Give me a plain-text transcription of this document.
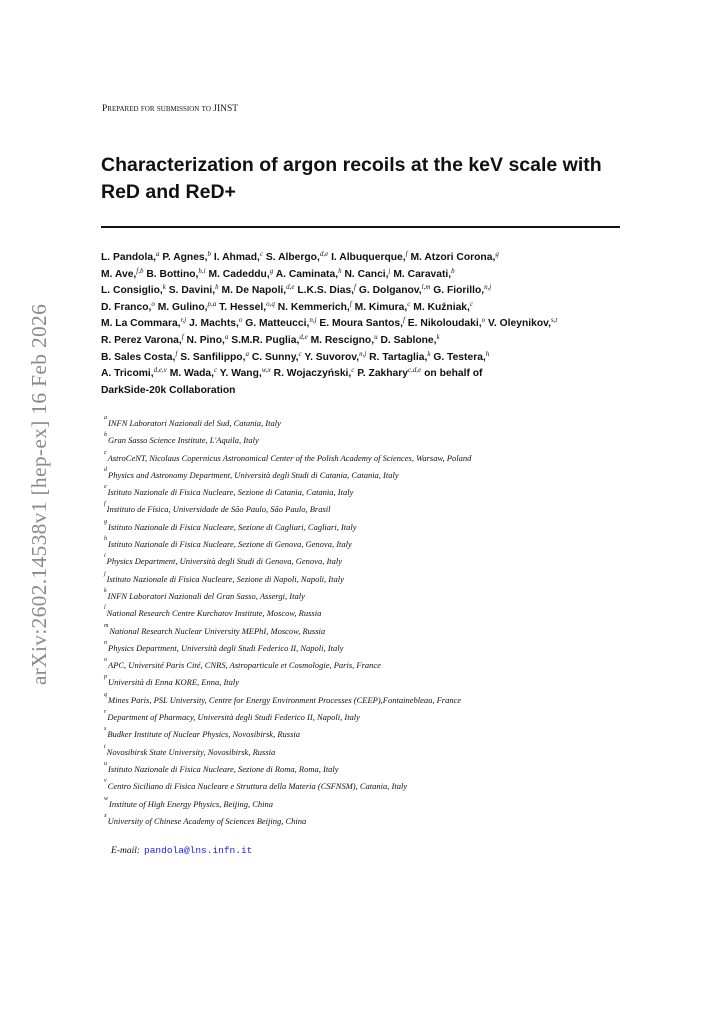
arXiv:2602.14538v1 [hep-ex] 16 Feb 2026
Prepared for submission to JINST
Characterization of argon recoils at the keV scale with
ReD and ReD+
L. Pandola,$^a$ P. Agnes,$^b$ I. Ahmad,$^c$ S. Albergo,$^{d,e}$ I. Albuquerque,$^f$ M. Atzori Corona,$^g$
M. Ave,$^{f,b}$ B. Bottino,$^{h,i}$ M. Cadeddu,$^g$ A. Caminata,$^h$ N. Canci,$^j$ M. Caravati,$^b$
L. Consiglio,$^k$ S. Davini,$^h$ M. De Napoli,$^{d,e}$ L.K.S. Dias,$^f$ G. Dolganov,$^{l,m}$ G. Fiorillo,$^{n,j}$
D. Franco,$^o$ M. Gulino,$^{p,a}$ T. Hessel,$^{o,q}$ N. Kemmerich,$^f$ M. Kimura,$^c$ M. Kuźniak,$^c$
M. La Commara,$^{r,j}$ J. Machts,$^o$ G. Matteucci,$^{n,j}$ E. Moura Santos,$^f$ E. Nikoloudaki,$^o$ V. Oleynikov,$^{s,t}$
R. Perez Varona,$^f$ N. Pino,$^a$ S.M.R. Puglia,$^{d,e}$ M. Rescigno,$^u$ D. Sablone,$^k$
B. Sales Costa,$^f$ S. Sanfilippo,$^a$ C. Sunny,$^c$ Y. Suvorov,$^{n,j}$ R. Tartaglia,$^k$ G. Testera,$^h$
A. Tricomi,$^{d,e,v}$ M. Wada,$^c$ Y. Wang,$^{w,x}$ R. Wojaczyński,$^c$ P. Zakhary$^{c,d,e}$ on behalf of
DarkSide-20k Collaboration
a INFN Laboratori Nazionali del Sud, Catania, Italy
b Gran Sasso Science Institute, L'Aquila, Italy
c AstroCeNT, Nicolaus Copernicus Astronomical Center of the Polish Academy of Sciences, Warsaw, Poland
d Physics and Astronomy Department, Università degli Studi di Catania, Catania, Italy
e Istituto Nazionale di Fisica Nucleare, Sezione di Catania, Catania, Italy
f Instituto de Física, Universidade de São Paulo, São Paulo, Brasil
g Istituto Nazionale di Fisica Nucleare, Sezione di Cagliari, Cagliari, Italy
h Istituto Nazionale di Fisica Nucleare, Sezione di Genova, Genova, Italy
i Physics Department, Università degli Studi di Genova, Genova, Italy
j Istituto Nazionale di Fisica Nucleare, Sezione di Napoli, Napoli, Italy
k INFN Laboratori Nazionali del Gran Sasso, Assergi, Italy
l National Research Centre Kurchatov Institute, Moscow, Russia
m National Research Nuclear University MEPhI, Moscow, Russia
n Physics Department, Università degli Studi Federico II, Napoli, Italy
o APC, Université Paris Cité, CNRS, Astroparticule et Cosmologie, Paris, France
p Università di Enna KORE, Enna, Italy
q Mines Paris, PSL University, Centre for Energy Environment Processes (CEEP),Fontainebleau, France
r Department of Pharmacy, Università degli Studi Federico II, Napoli, Italy
s Budker Institute of Nuclear Physics, Novosibirsk, Russia
t Novosibirsk State University, Novosibirsk, Russia
u Istituto Nazionale di Fisica Nucleare, Sezione di Roma, Roma, Italy
v Centro Siciliano di Fisica Nucleare e Struttura della Materia (CSFNSM), Catania, Italy
w Institute of High Energy Physics, Beijing, China
x University of Chinese Academy of Sciences Beijing, China
E-mail: pandola@lns.infn.it
